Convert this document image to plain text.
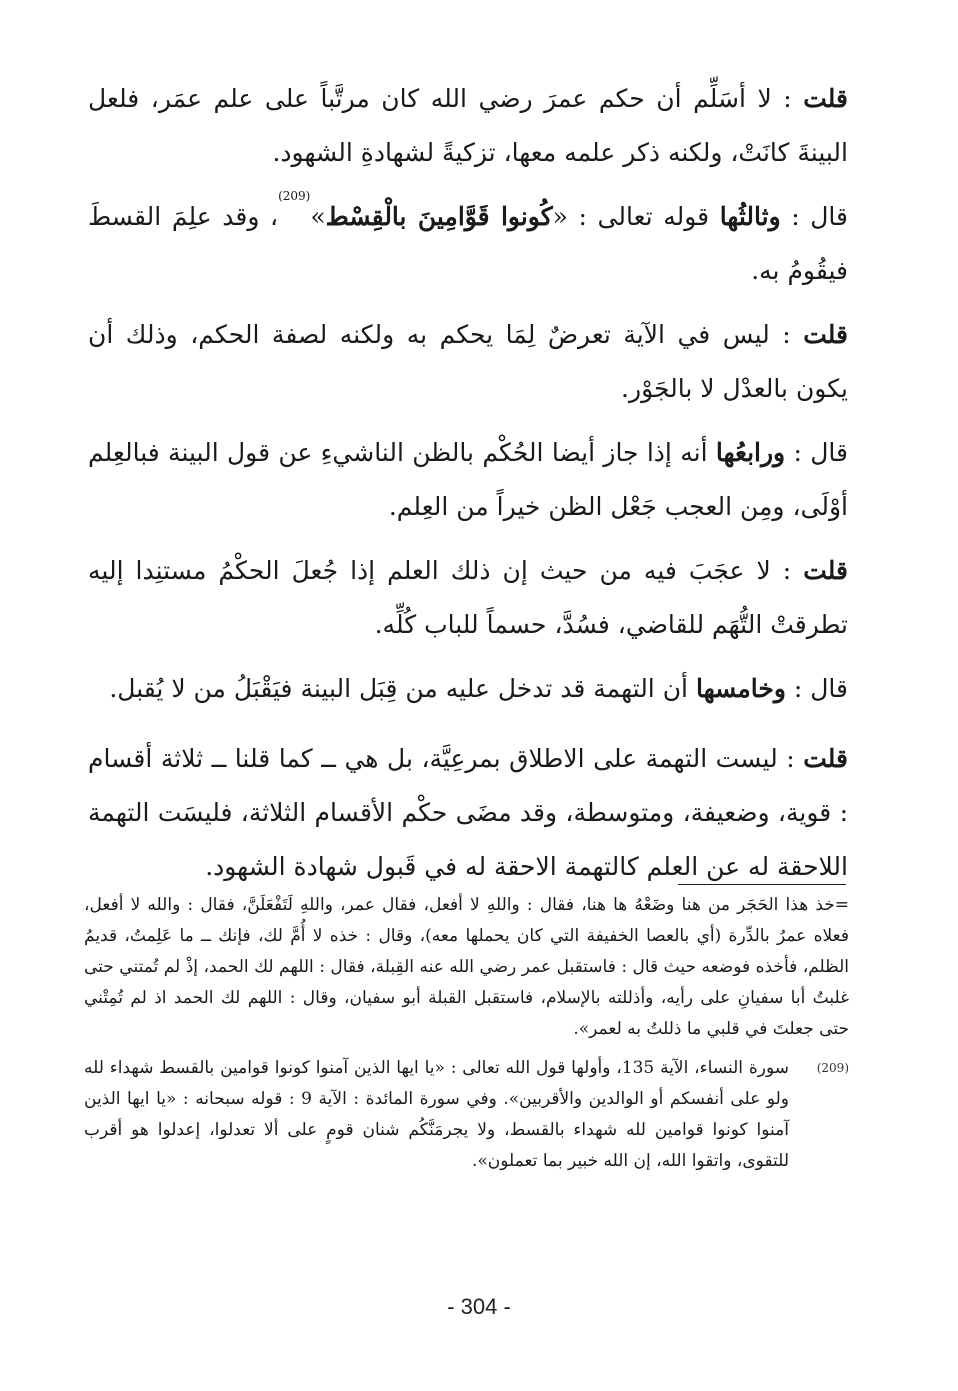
قلت : لا أسَلِّم أن حكم عمرَ رضي الله كان مرتَّباً على علم عمَر، فلعل البينةَ كانَتْ، ولكنه ذكر علمه معها، تزكيةً لشهادةِ الشهود.

قال : وثالثُها قوله تعالى : «كُونوا قَوَّامِينَ بالْقِسْط»$^{(209)}$، وقد علِمَ القسطَ فيقُومُ به.

قلت : ليس في الآية تعرضٌ لِمَا يحكم به ولكنه لصفة الحكم، وذلك أن يكون بالعدْل لا بالجَوْر.

قال : ورابعُها أنه إذا جاز أيضا الحُكْم بالظن الناشيءِ عن قول البينة فبالعِلم أوْلَى، ومِن العجب جَعْل الظن خيراً من العِلم.

قلت : لا عجَبَ فيه من حيث إن ذلك العلم إذا جُعلَ الحكْمُ مستنِدا إليه تطرقتْ التُّهَم للقاضي، فسُدَّ، حسماً للباب كُلِّه.

قال : وخامسها أن التهمة قد تدخل عليه من قِبَل البينة فيَقْبَلُ من لا يُقبل.

قلت : ليست التهمة على الاطلاق بمرعِيَّة، بل هي ــ كما قلنا ــ ثلاثة أقسام : قوية، وضعيفة، ومتوسطة، وقد مضَى حكْم الأقسام الثلاثة، فليسَت التهمة اللاحقة له عن العلم كالتهمة الاحقة له في قَبول شهادة الشهود.

=خذ هذا الحَجَر من هنا وضَعْهُ ها هنا، فقال : واللهِ لا أفعل، فقال عمر، واللهِ لَتَفْعَلَنَّ، فقال : والله لا أفعل، فعلاه عمرُ بالدِّرة (أي بالعصا الخفيفة التي كان يحملها معه)، وقال : خذه لا أُمَّ لك، فإنك ــ ما عَلِمتُ، قديمُ الظلم، فأخذه فوضعه حيث قال : فاستقبل عمر رضي الله عنه القِبلة، فقال : اللهم لك الحمد، إذْ لم تُمتني حتى غلبتُ أبا سفيانِ على رأيه، وأذللته بالإسلام، فاستقبل القبلة أبو سفيان، وقال : اللهم لك الحمد اذ لم تُمِتْني حتى جعلتَ في قلبي ما ذللتُ به لعمر».

(209)
سورة النساء، الآية 135، وأولها قول الله تعالى : «يا ايها الذين آمنوا كونوا قوامين بالقسط شهداء لله ولو على أنفسكم أو الوالدين والأقربين». وفي سورة المائدة : الآية 9 : قوله سبحانه : «يا ايها الذين آمنوا كونوا قوامين لله شهداء بالقسط، ولا يجرمَنَّكُم شنان قومٍ على ألا تعدلوا، إعدلوا هو أقرب للتقوى، واتقوا الله، إن الله خبير بما تعملون».
- 304 -
